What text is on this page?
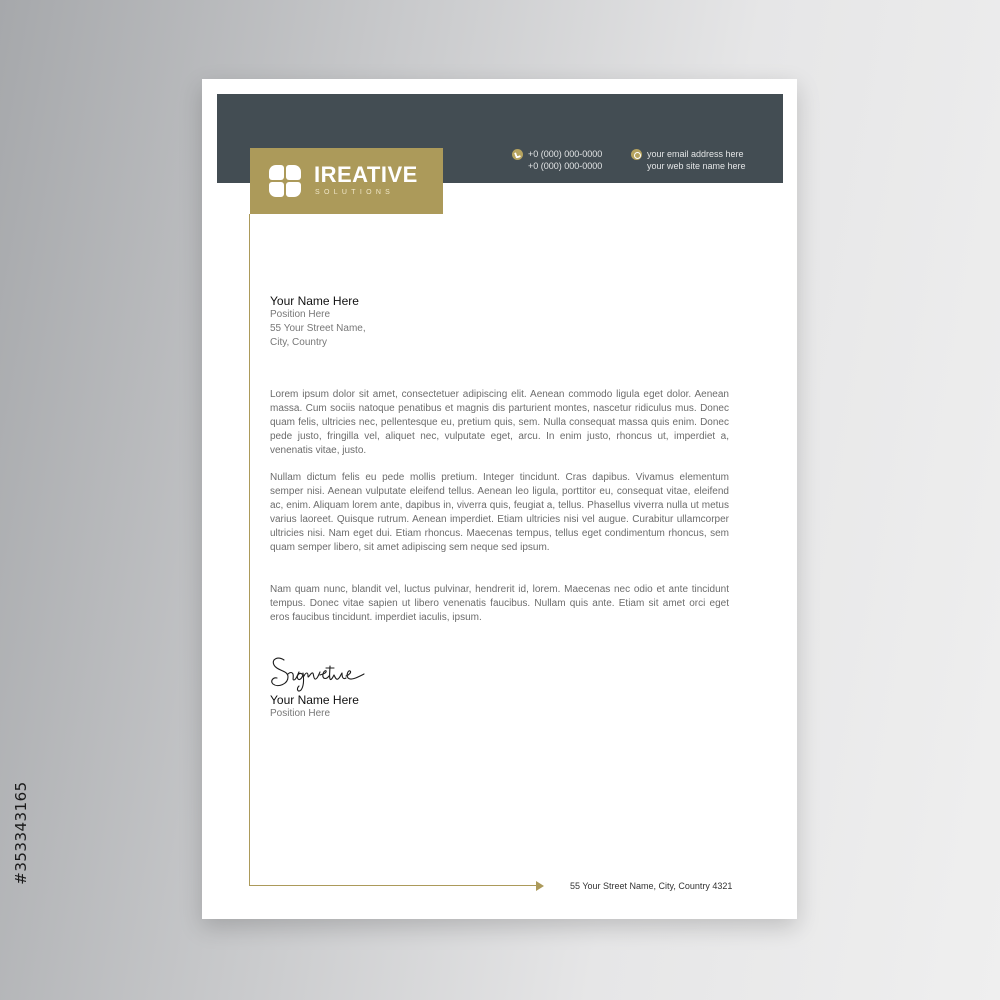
#353343165
+0 (000) 000-0000
+0 (000) 000-0000
your email address here
your web site name here
IREATIVE
SOLUTIONS
55 Your Street Name, City, Country 4321
Your Name Here
Position Here
55 Your Street Name,
City, Country

Lorem ipsum dolor sit amet, consectetuer adipiscing elit. Aenean commodo ligula eget dolor. Aenean massa. Cum sociis natoque penatibus et magnis dis parturient montes, nascetur ridiculus mus. Donec quam felis, ultricies nec, pellentesque eu, pretium quis, sem. Nulla consequat massa quis enim. Donec pede justo, fringilla vel, aliquet nec, vulputate eget, arcu. In enim justo, rhoncus ut, imperdiet a, venenatis vitae, justo.

Nullam dictum felis eu pede mollis pretium. Integer tincidunt. Cras dapibus. Vivamus elementum semper nisi. Aenean vulputate eleifend tellus. Aenean leo ligula, porttitor eu, consequat vitae, eleifend ac, enim. Aliquam lorem ante, dapibus in, viverra quis, feugiat a, tellus. Phasellus viverra nulla ut metus varius laoreet. Quisque rutrum. Aenean imperdiet. Etiam ultricies nisi vel augue. Curabitur ullamcorper ultricies nisi. Nam eget dui. Etiam rhoncus. Maecenas tempus, tellus eget condimentum rhoncus, sem quam semper libero, sit amet adipiscing sem neque sed ipsum.

Nam quam nunc, blandit vel, luctus pulvinar, hendrerit id, lorem. Maecenas nec odio et ante tincidunt tempus. Donec vitae sapien ut libero venenatis faucibus. Nullam quis ante. Etiam sit amet orci eget eros faucibus tincidunt. imperdiet iaculis, ipsum.

Your Name Here
Position Here
